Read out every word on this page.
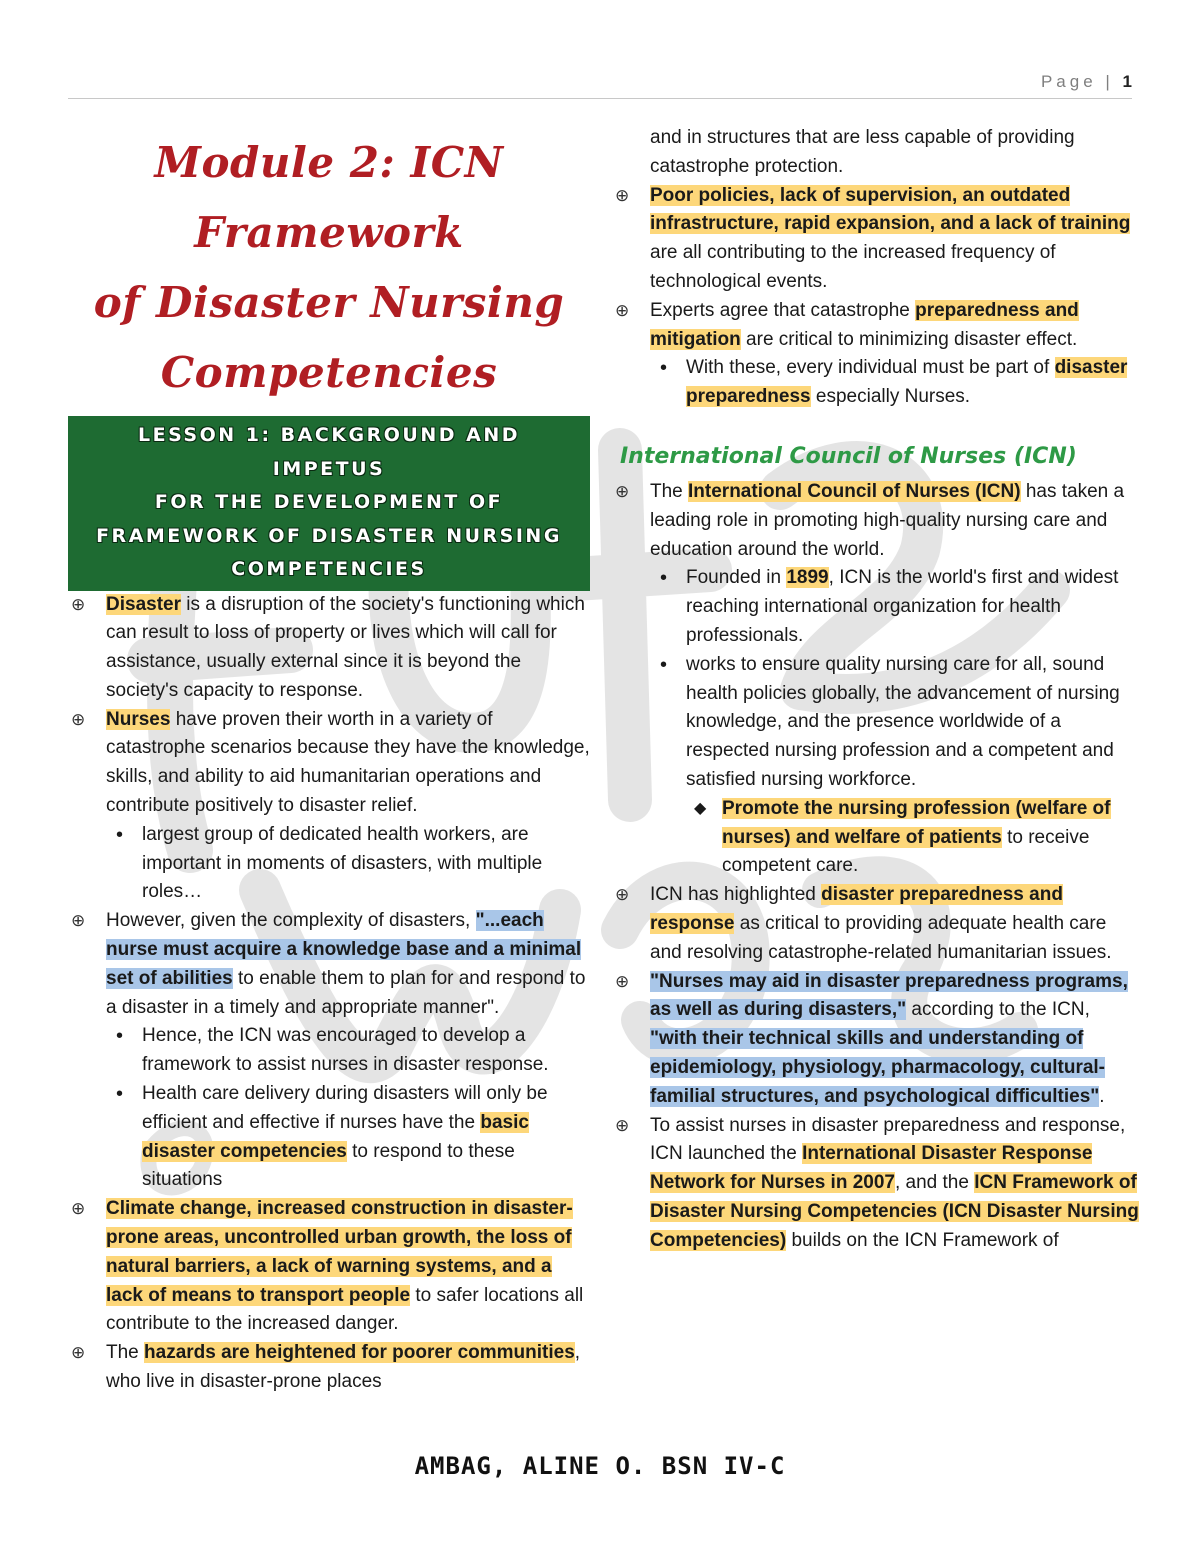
Page | 1
Module 2: ICN Framework
of Disaster Nursing
Competencies
LESSON 1: BACKGROUND AND IMPETUS
FOR THE DEVELOPMENT OF
FRAMEWORK OF DISASTER NURSING
COMPETENCIES
⊕ Disaster is a disruption of the society's functioning which can result to loss of property or lives which will call for assistance, usually external since it is beyond the society's capacity to response.
⊕ Nurses have proven their worth in a variety of catastrophe scenarios because they have the knowledge, skills, and ability to aid humanitarian operations and contribute positively to disaster relief.
• largest group of dedicated health workers, are important in moments of disasters, with multiple roles…
⊕ However, given the complexity of disasters, "...each nurse must acquire a knowledge base and a minimal set of abilities to enable them to plan for and respond to a disaster in a timely and appropriate manner".
• Hence, the ICN was encouraged to develop a framework to assist nurses in disaster response.
• Health care delivery during disasters will only be efficient and effective if nurses have the basic disaster competencies to respond to these situations
⊕ Climate change, increased construction in disaster-prone areas, uncontrolled urban growth, the loss of natural barriers, a lack of warning systems, and a lack of means to transport people to safer locations all contribute to the increased danger.
⊕ The hazards are heightened for poorer communities, who live in disaster-prone places
and in structures that are less capable of providing catastrophe protection.
⊕ Poor policies, lack of supervision, an outdated infrastructure, rapid expansion, and a lack of training are all contributing to the increased frequency of technological events.
⊕ Experts agree that catastrophe preparedness and mitigation are critical to minimizing disaster effect.
• With these, every individual must be part of disaster preparedness especially Nurses.
International Council of Nurses (ICN)
⊕ The International Council of Nurses (ICN) has taken a leading role in promoting high-quality nursing care and education around the world.
• Founded in 1899, ICN is the world's first and widest reaching international organization for health professionals.
• works to ensure quality nursing care for all, sound health policies globally, the advancement of nursing knowledge, and the presence worldwide of a respected nursing profession and a competent and satisfied nursing workforce.
◆ Promote the nursing profession (welfare of nurses) and welfare of patients to receive competent care.
⊕ ICN has highlighted disaster preparedness and response as critical to providing adequate health care and resolving catastrophe-related humanitarian issues.
⊕ "Nurses may aid in disaster preparedness programs, as well as during disasters," according to the ICN, "with their technical skills and understanding of epidemiology, physiology, pharmacology, cultural-familial structures, and psychological difficulties".
⊕ To assist nurses in disaster preparedness and response, ICN launched the International Disaster Response Network for Nurses in 2007, and the ICN Framework of Disaster Nursing Competencies (ICN Disaster Nursing Competencies) builds on the ICN Framework of
AMBAG, ALINE O. BSN IV-C
